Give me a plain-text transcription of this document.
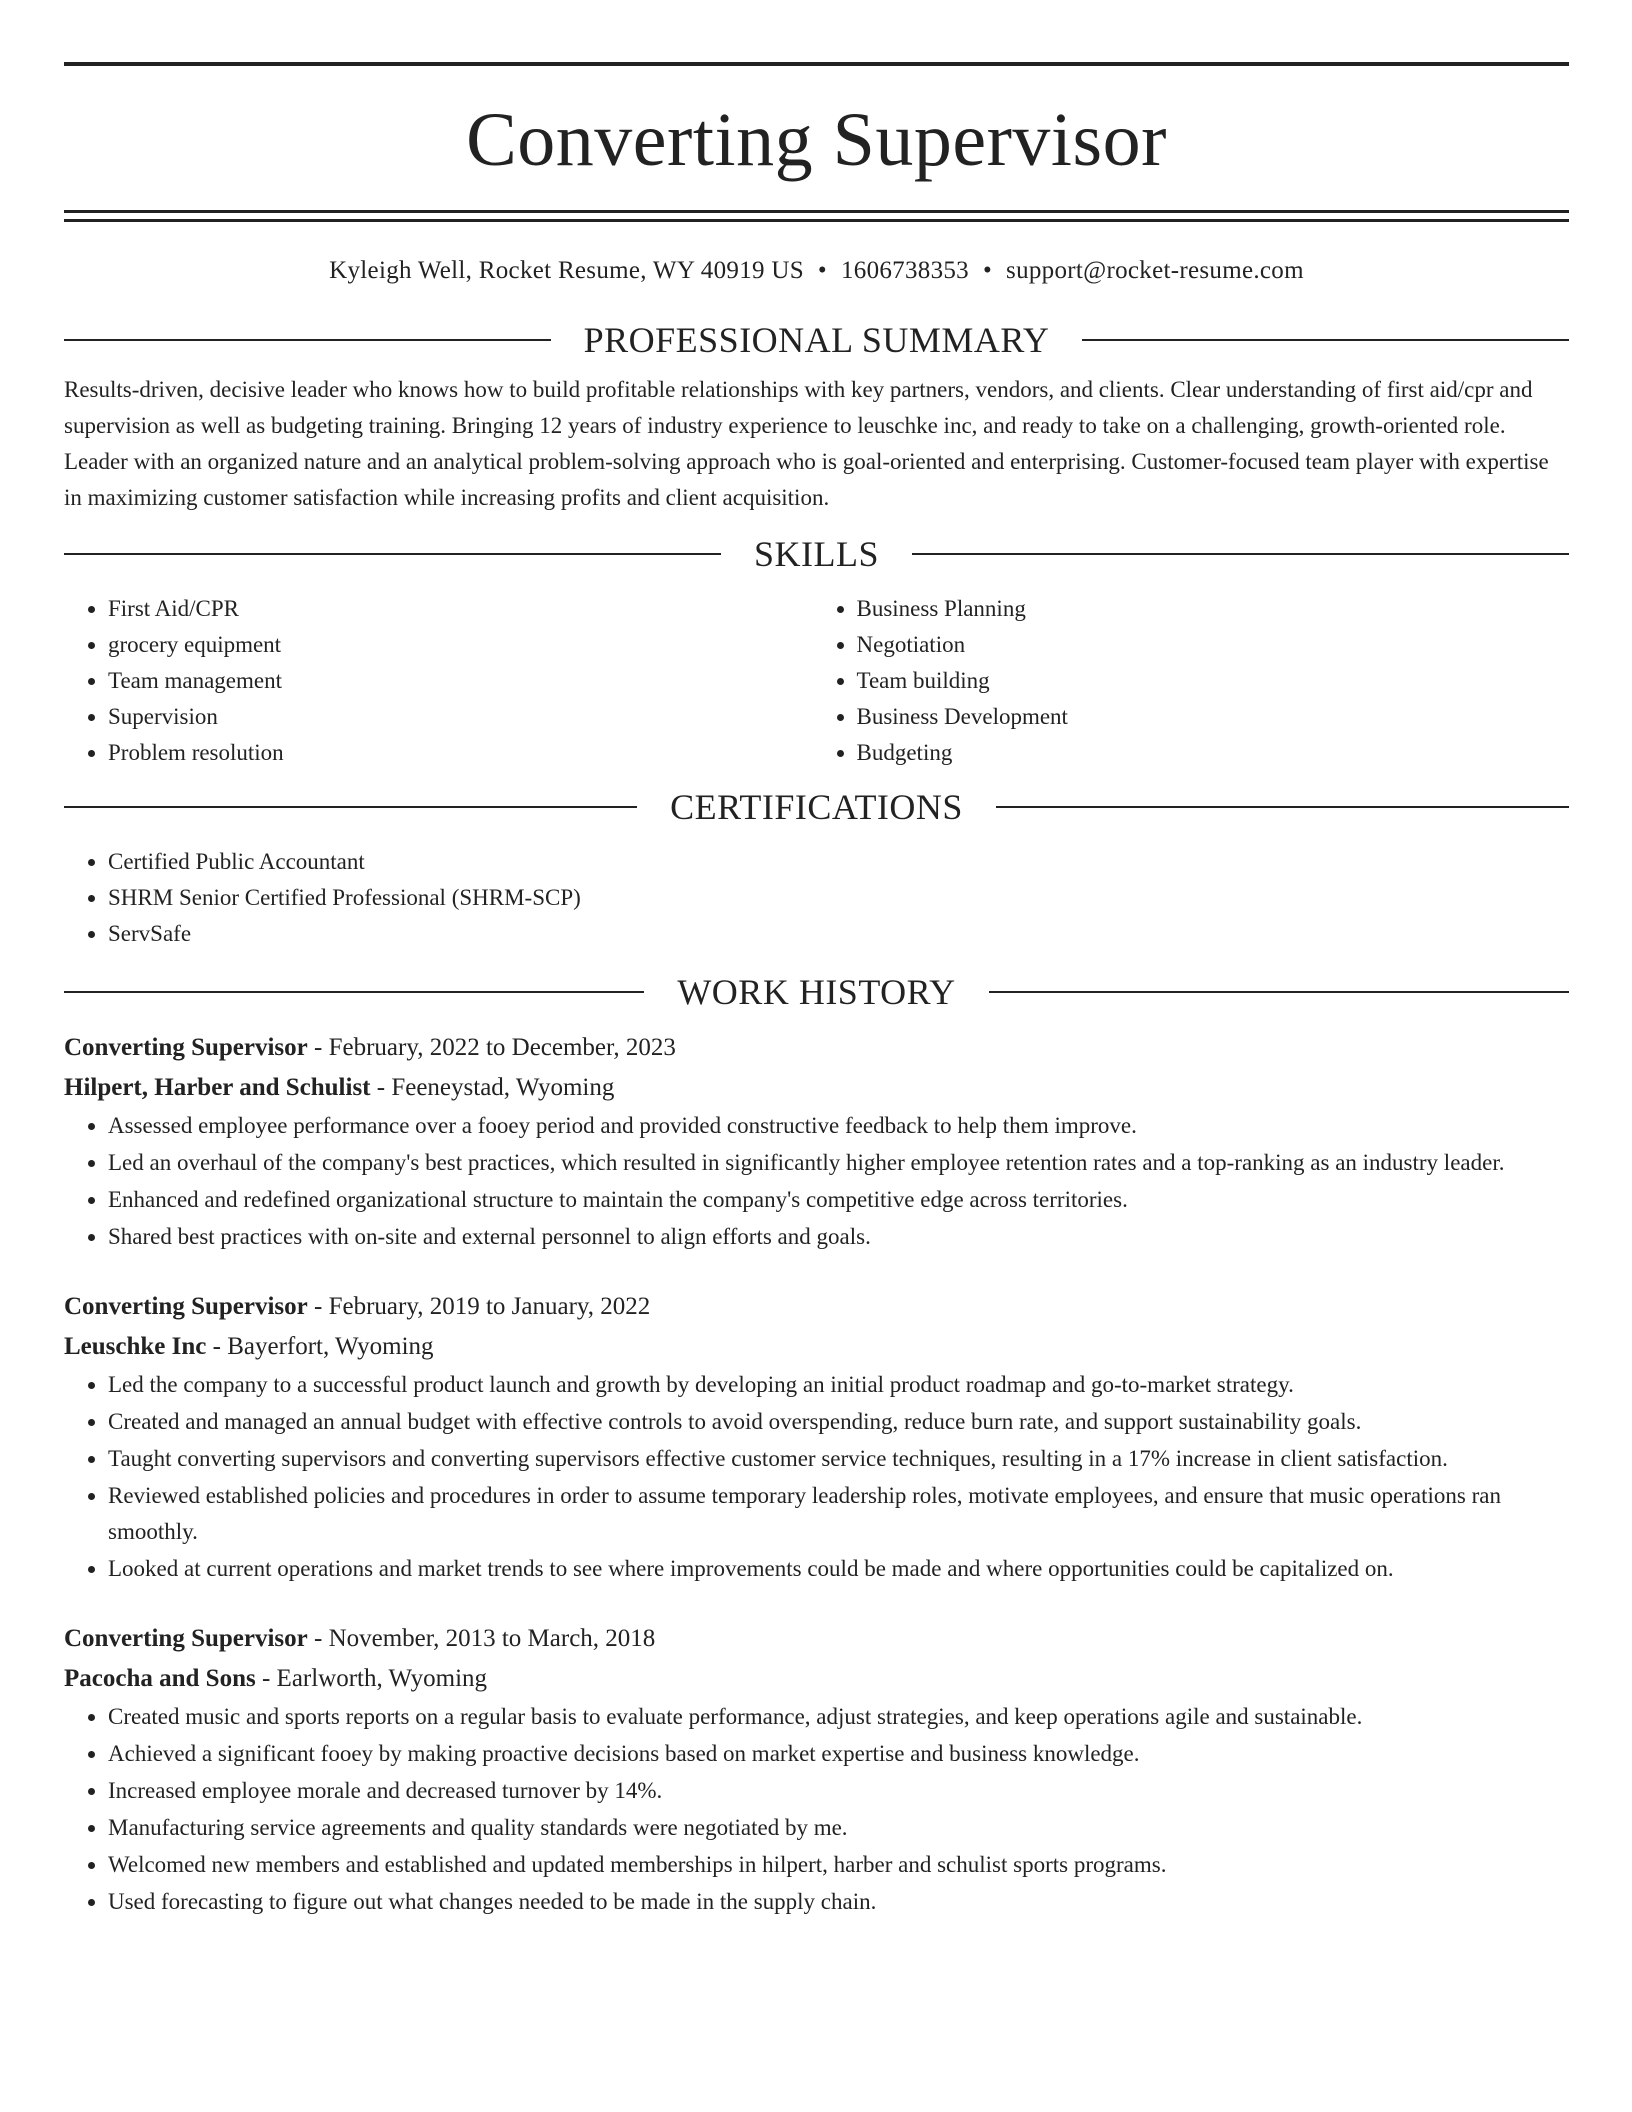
Converting Supervisor
Kyleigh Well, Rocket Resume, WY 40919 US • 1606738353 • support@rocket-resume.com
PROFESSIONAL SUMMARY

Results-driven, decisive leader who knows how to build profitable relationships with key partners, vendors, and clients. Clear understanding of first aid/cpr and supervision as well as budgeting training. Bringing 12 years of industry experience to leuschke inc, and ready to take on a challenging, growth-oriented role. Leader with an organized nature and an analytical problem-solving approach who is goal-oriented and enterprising. Customer-focused team player with expertise in maximizing customer satisfaction while increasing profits and client acquisition.

SKILLS
• First Aid/CPR
• grocery equipment
• Team management
• Supervision
• Problem resolution
• Business Planning
• Negotiation
• Team building
• Business Development
• Budgeting
CERTIFICATIONS
• Certified Public Accountant
• SHRM Senior Certified Professional (SHRM-SCP)
• ServSafe
WORK HISTORY
Converting Supervisor - February, 2022 to December, 2023
Hilpert, Harber and Schulist - Feeneystad, Wyoming
• Assessed employee performance over a fooey period and provided constructive feedback to help them improve.
• Led an overhaul of the company's best practices, which resulted in significantly higher employee retention rates and a top-ranking as an industry leader.
• Enhanced and redefined organizational structure to maintain the company's competitive edge across territories.
• Shared best practices with on-site and external personnel to align efforts and goals.
Converting Supervisor - February, 2019 to January, 2022
Leuschke Inc - Bayerfort, Wyoming
• Led the company to a successful product launch and growth by developing an initial product roadmap and go-to-market strategy.
• Created and managed an annual budget with effective controls to avoid overspending, reduce burn rate, and support sustainability goals.
• Taught converting supervisors and converting supervisors effective customer service techniques, resulting in a 17% increase in client satisfaction.
• Reviewed established policies and procedures in order to assume temporary leadership roles, motivate employees, and ensure that music operations ran smoothly.
• Looked at current operations and market trends to see where improvements could be made and where opportunities could be capitalized on.
Converting Supervisor - November, 2013 to March, 2018
Pacocha and Sons - Earlworth, Wyoming
• Created music and sports reports on a regular basis to evaluate performance, adjust strategies, and keep operations agile and sustainable.
• Achieved a significant fooey by making proactive decisions based on market expertise and business knowledge.
• Increased employee morale and decreased turnover by 14%.
• Manufacturing service agreements and quality standards were negotiated by me.
• Welcomed new members and established and updated memberships in hilpert, harber and schulist sports programs.
• Used forecasting to figure out what changes needed to be made in the supply chain.
